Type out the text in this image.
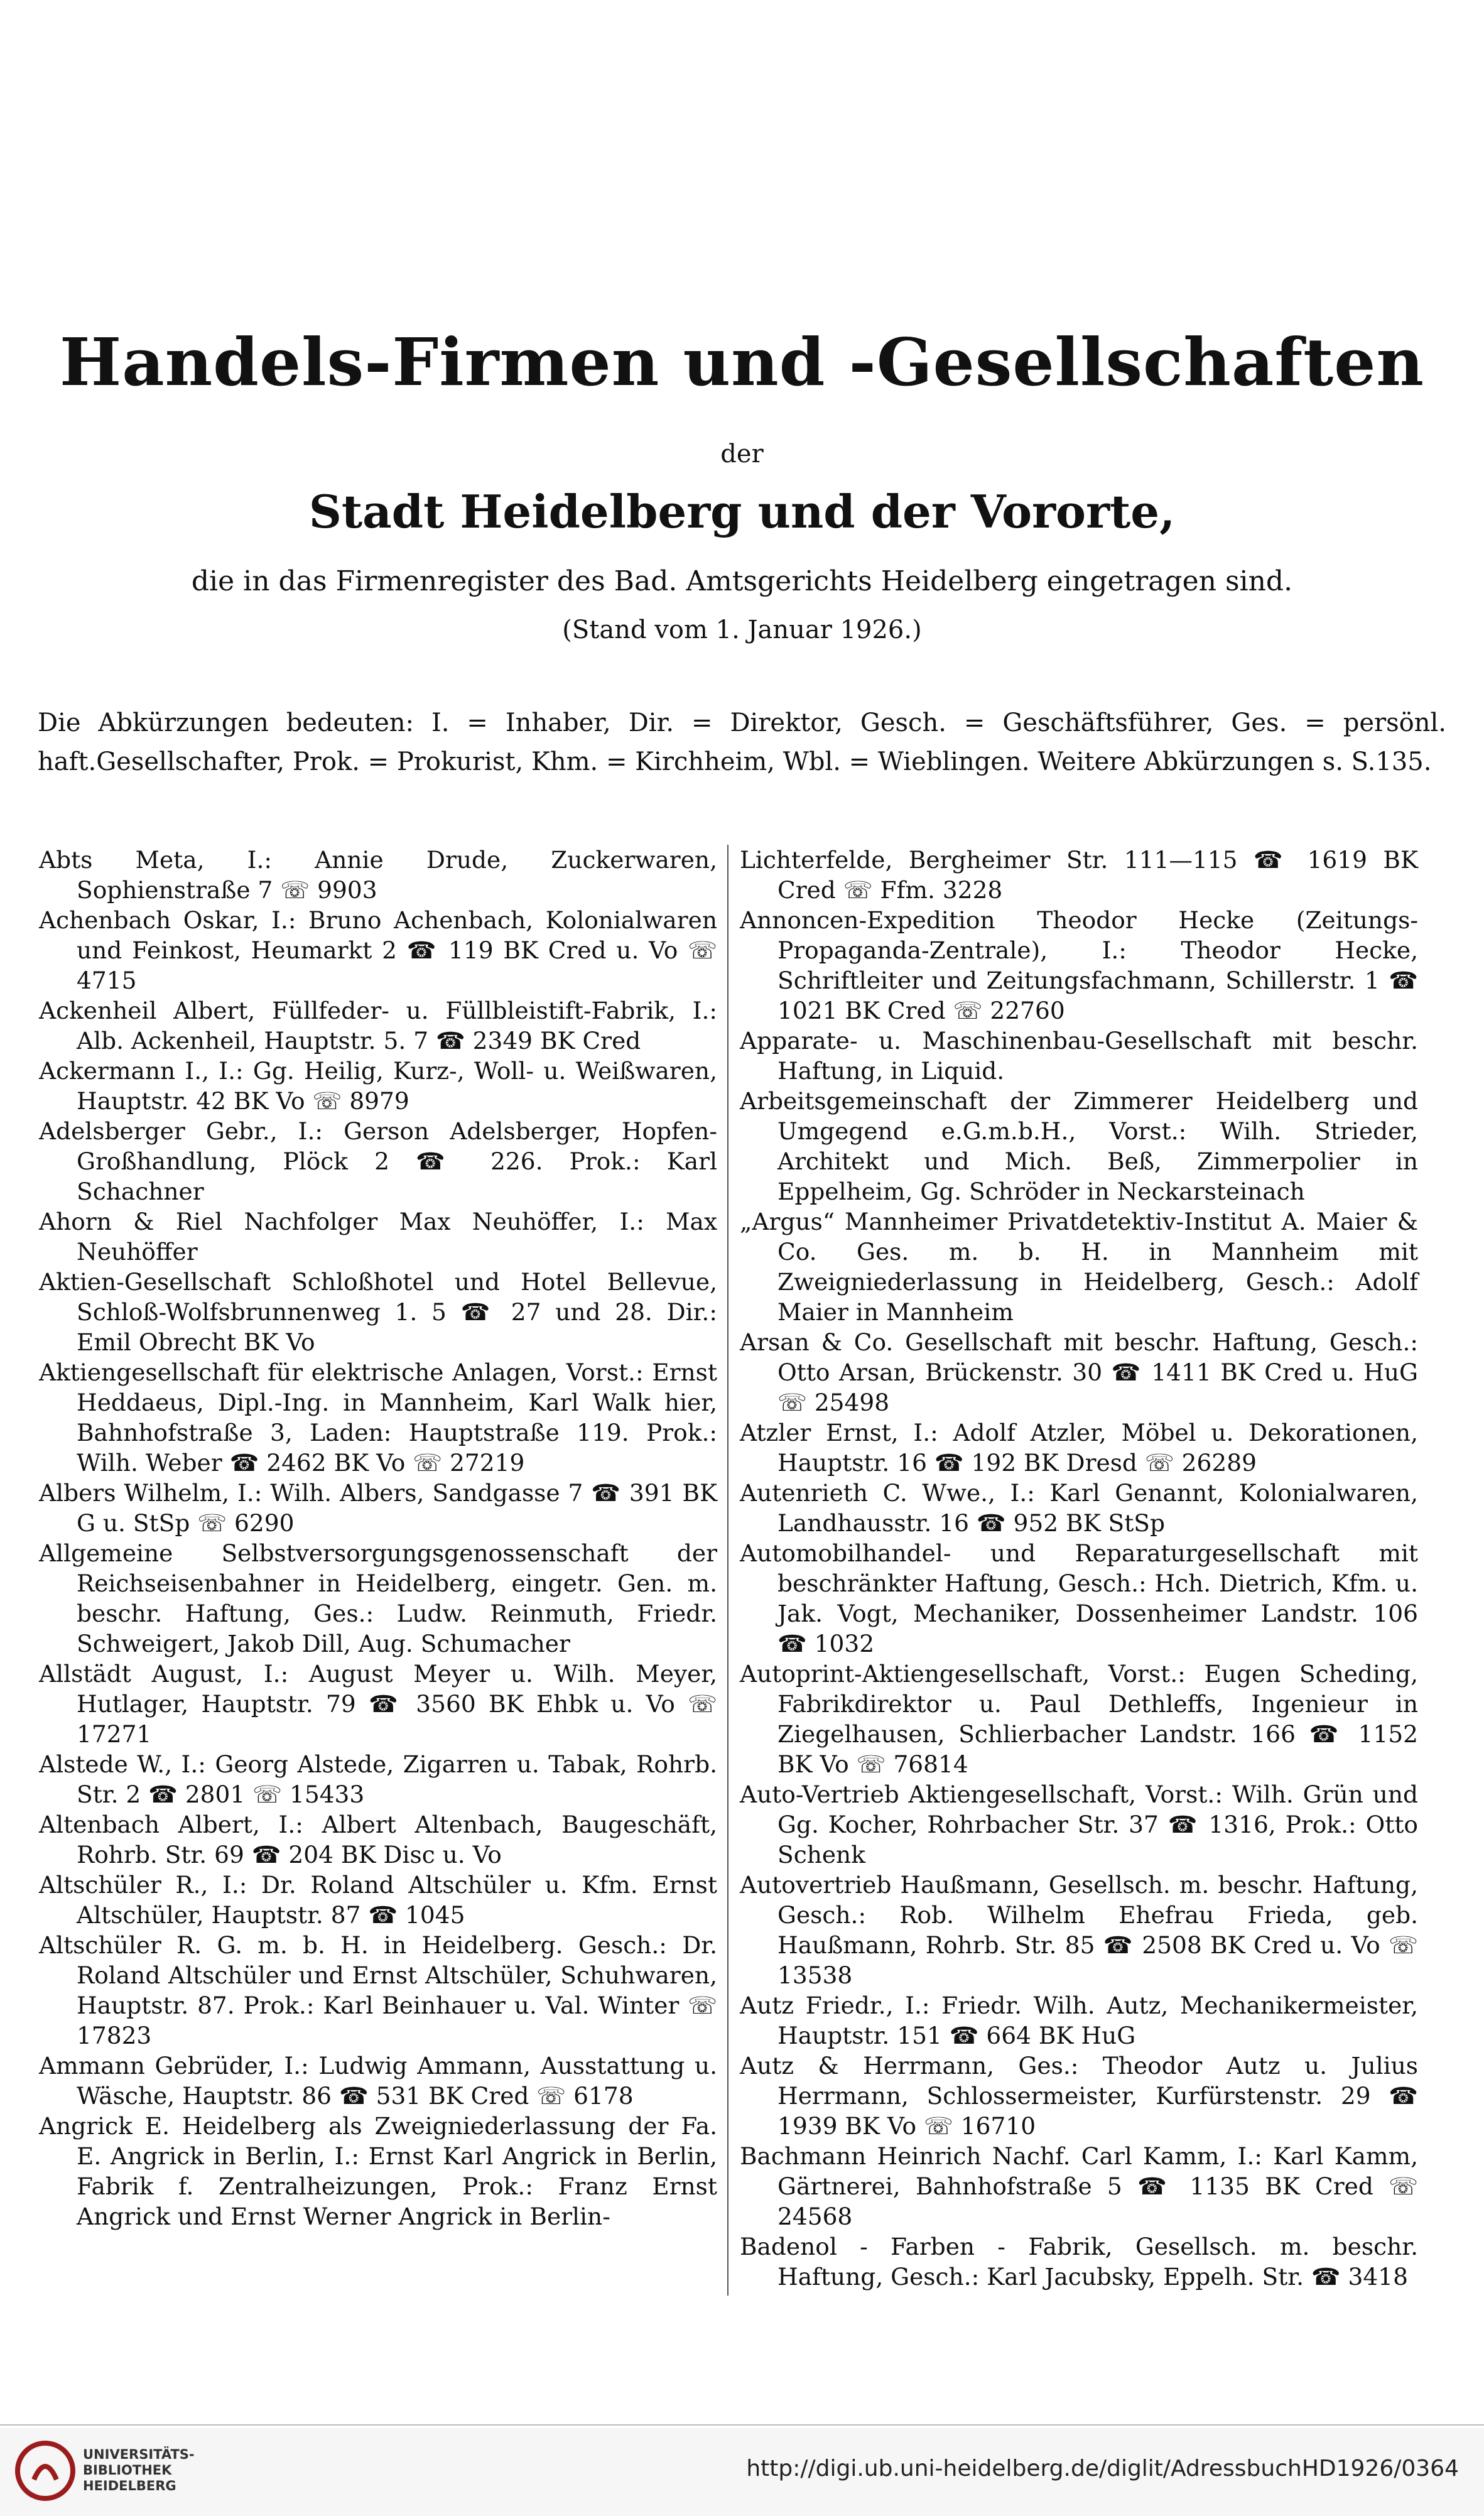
Handels-Firmen und -Gesellschaften
der
Stadt Heidelberg und der Vororte,
die in das Firmenregister des Bad. Amtsgerichts Heidelberg eingetragen sind.
(Stand vom 1. Januar 1926.)
Die Abkürzungen bedeuten: I. = Inhaber, Dir. = Direktor, Gesch. = Geschäftsführer, Ges. = persönl. haft.Gesellschafter, Prok. = Prokurist, Khm. = Kirchheim, Wbl. = Wieblingen. Weitere Abkürzungen s. S.135.
Abts Meta, I.: Annie Drude, Zuckerwaren, Sophienstraße 7 ☏ 9903
Achenbach Oskar, I.: Bruno Achenbach, Kolonialwaren und Feinkost, Heumarkt 2 ☎ 119 BK Cred u. Vo ☏ 4715
Ackenheil Albert, Füllfeder- u. Füllbleistift-Fabrik, I.: Alb. Ackenheil, Hauptstr. 5. 7 ☎ 2349 BK Cred
Ackermann I., I.: Gg. Heilig, Kurz-, Woll- u. Weißwaren, Hauptstr. 42 BK Vo ☏ 8979
Adelsberger Gebr., I.: Gerson Adelsberger, Hopfen-Großhandlung, Plöck 2 ☎ 226. Prok.: Karl Schachner
Ahorn & Riel Nachfolger Max Neuhöffer, I.: Max Neuhöffer
Aktien-Gesellschaft Schloßhotel und Hotel Bellevue, Schloß-Wolfsbrunnenweg 1. 5 ☎ 27 und 28. Dir.: Emil Obrecht BK Vo
Aktiengesellschaft für elektrische Anlagen, Vorst.: Ernst Heddaeus, Dipl.-Ing. in Mannheim, Karl Walk hier, Bahnhofstraße 3, Laden: Hauptstraße 119. Prok.: Wilh. Weber ☎ 2462 BK Vo ☏ 27219
Albers Wilhelm, I.: Wilh. Albers, Sandgasse 7 ☎ 391 BK G u. StSp ☏ 6290
Allgemeine Selbstversorgungsgenossenschaft der Reichseisenbahner in Heidelberg, eingetr. Gen. m. beschr. Haftung, Ges.: Ludw. Reinmuth, Friedr. Schweigert, Jakob Dill, Aug. Schumacher
Allstädt August, I.: August Meyer u. Wilh. Meyer, Hutlager, Hauptstr. 79 ☎ 3560 BK Ehbk u. Vo ☏ 17271
Alstede W., I.: Georg Alstede, Zigarren u. Tabak, Rohrb. Str. 2 ☎ 2801 ☏ 15433
Altenbach Albert, I.: Albert Altenbach, Baugeschäft, Rohrb. Str. 69 ☎ 204 BK Disc u. Vo
Altschüler R., I.: Dr. Roland Altschüler u. Kfm. Ernst Altschüler, Hauptstr. 87 ☎ 1045
Altschüler R. G. m. b. H. in Heidelberg. Gesch.: Dr. Roland Altschüler und Ernst Altschüler, Schuhwaren, Hauptstr. 87. Prok.: Karl Beinhauer u. Val. Winter ☏ 17823
Ammann Gebrüder, I.: Ludwig Ammann, Ausstattung u. Wäsche, Hauptstr. 86 ☎ 531 BK Cred ☏ 6178
Angrick E. Heidelberg als Zweigniederlassung der Fa. E. Angrick in Berlin, I.: Ernst Karl Angrick in Berlin, Fabrik f. Zentralheizungen, Prok.: Franz Ernst Angrick und Ernst Werner Angrick in Berlin-
Lichterfelde, Bergheimer Str. 111—115 ☎ 1619 BK Cred ☏ Ffm. 3228
Annoncen-Expedition Theodor Hecke (Zeitungs-Propaganda-Zentrale), I.: Theodor Hecke, Schriftleiter und Zeitungsfachmann, Schillerstr. 1 ☎ 1021 BK Cred ☏ 22760
Apparate- u. Maschinenbau-Gesellschaft mit beschr. Haftung, in Liquid.
Arbeitsgemeinschaft der Zimmerer Heidelberg und Umgegend e.G.m.b.H., Vorst.: Wilh. Strieder, Architekt und Mich. Beß, Zimmerpolier in Eppelheim, Gg. Schröder in Neckarsteinach
„Argus“ Mannheimer Privatdetektiv-Institut A. Maier & Co. Ges. m. b. H. in Mannheim mit Zweigniederlassung in Heidelberg, Gesch.: Adolf Maier in Mannheim
Arsan & Co. Gesellschaft mit beschr. Haftung, Gesch.: Otto Arsan, Brückenstr. 30 ☎ 1411 BK Cred u. HuG ☏ 25498
Atzler Ernst, I.: Adolf Atzler, Möbel u. Dekorationen, Hauptstr. 16 ☎ 192 BK Dresd ☏ 26289
Autenrieth C. Wwe., I.: Karl Genannt, Kolonialwaren, Landhausstr. 16 ☎ 952 BK StSp
Automobilhandel- und Reparaturgesellschaft mit beschränkter Haftung, Gesch.: Hch. Dietrich, Kfm. u. Jak. Vogt, Mechaniker, Dossenheimer Landstr. 106 ☎ 1032
Autoprint-Aktiengesellschaft, Vorst.: Eugen Scheding, Fabrikdirektor u. Paul Dethleffs, Ingenieur in Ziegelhausen, Schlierbacher Landstr. 166 ☎ 1152 BK Vo ☏ 76814
Auto-Vertrieb Aktiengesellschaft, Vorst.: Wilh. Grün und Gg. Kocher, Rohrbacher Str. 37 ☎ 1316, Prok.: Otto Schenk
Autovertrieb Haußmann, Gesellsch. m. beschr. Haftung, Gesch.: Rob. Wilhelm Ehefrau Frieda, geb. Haußmann, Rohrb. Str. 85 ☎ 2508 BK Cred u. Vo ☏ 13538
Autz Friedr., I.: Friedr. Wilh. Autz, Mechanikermeister, Hauptstr. 151 ☎ 664 BK HuG
Autz & Herrmann, Ges.: Theodor Autz u. Julius Herrmann, Schlossermeister, Kurfürstenstr. 29 ☎ 1939 BK Vo ☏ 16710
Bachmann Heinrich Nachf. Carl Kamm, I.: Karl Kamm, Gärtnerei, Bahnhofstraße 5 ☎ 1135 BK Cred ☏ 24568
Badenol - Farben - Fabrik, Gesellsch. m. beschr. Haftung, Gesch.: Karl Jacubsky, Eppelh. Str. ☎ 3418
UNIVERSITÄTS-
BIBLIOTHEK
HEIDELBERG
http://digi.ub.uni-heidelberg.de/diglit/AdressbuchHD1926/0364
